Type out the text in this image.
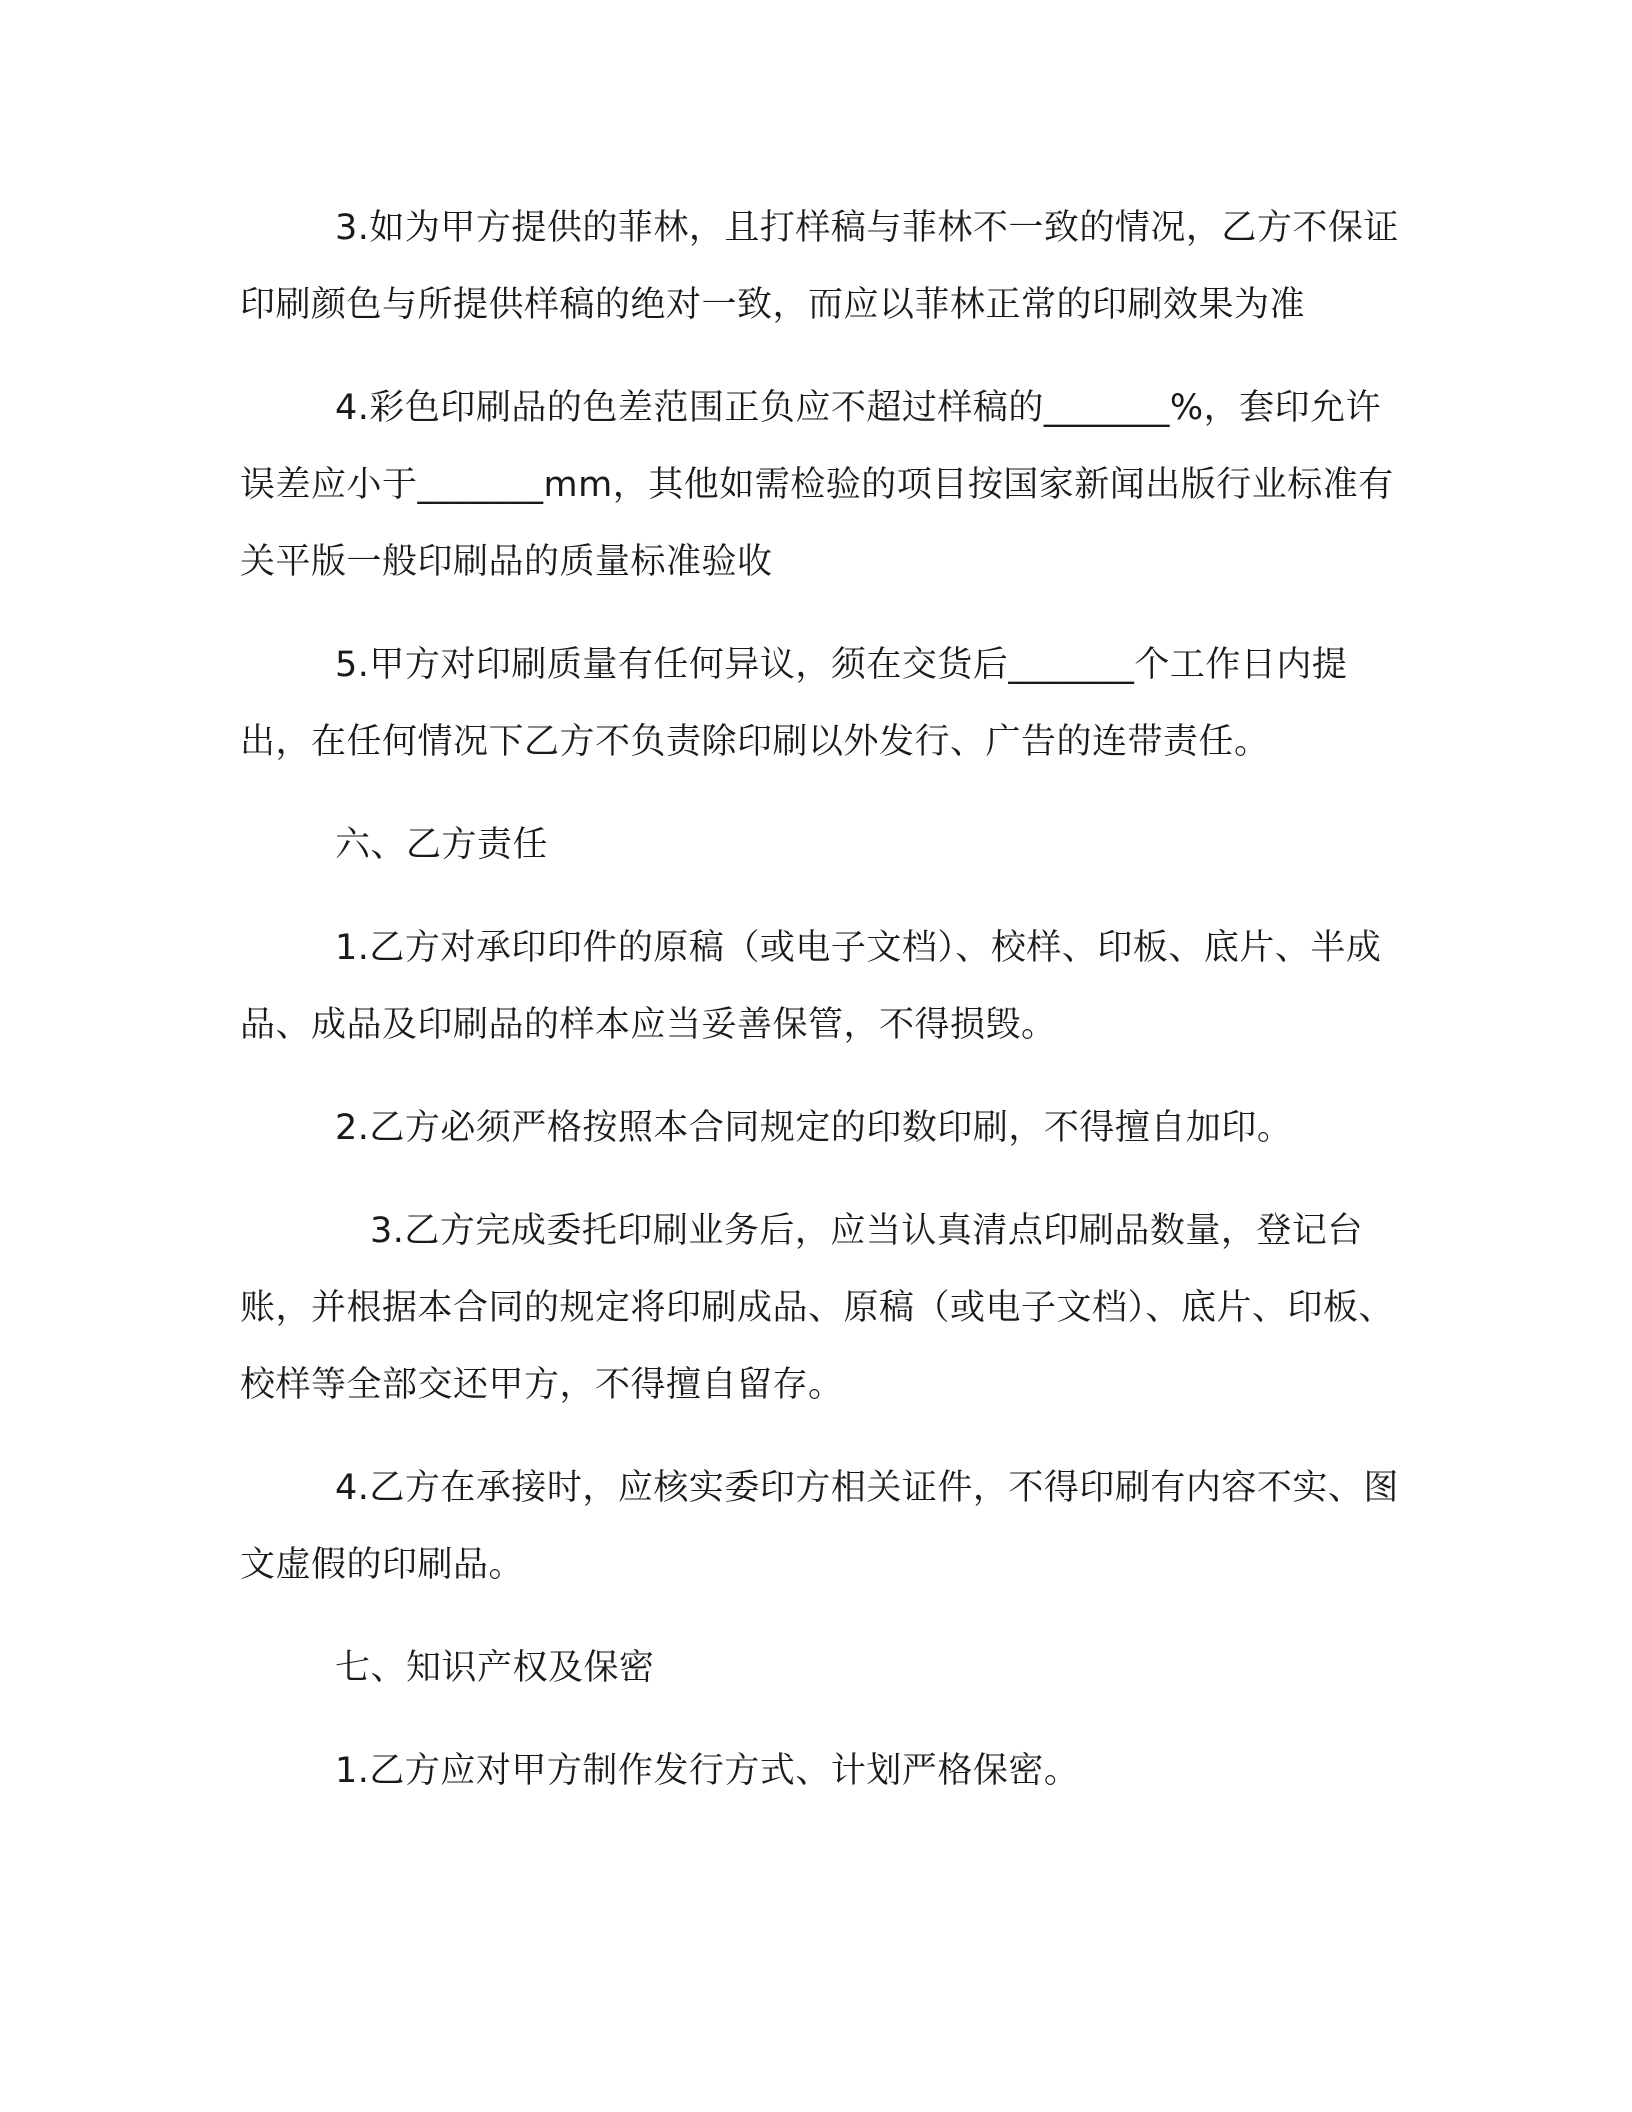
3.如为甲方提供的菲林，且打样稿与菲林不一致的情况，乙方不保证印刷颜色与所提供样稿的绝对一致，而应以菲林正常的印刷效果为准

4.彩色印刷品的色差范围正负应不超过样稿的_______%，套印允许误差应小于_______mm，其他如需检验的项目按国家新闻出版行业标准有关平版一般印刷品的质量标准验收

5.甲方对印刷质量有任何异议，须在交货后_______个工作日内提出，在任何情况下乙方不负责除印刷以外发行、广告的连带责任。

六、乙方责任

1.乙方对承印印件的原稿（或电子文档）、校样、印板、底片、半成品、成品及印刷品的样本应当妥善保管，不得损毁。

2.乙方必须严格按照本合同规定的印数印刷，不得擅自加印。

3.乙方完成委托印刷业务后，应当认真清点印刷品数量，登记台账，并根据本合同的规定将印刷成品、原稿（或电子文档）、底片、印板、校样等全部交还甲方，不得擅自留存。

4.乙方在承接时，应核实委印方相关证件，不得印刷有内容不实、图文虚假的印刷品。

七、知识产权及保密

1.乙方应对甲方制作发行方式、计划严格保密。
